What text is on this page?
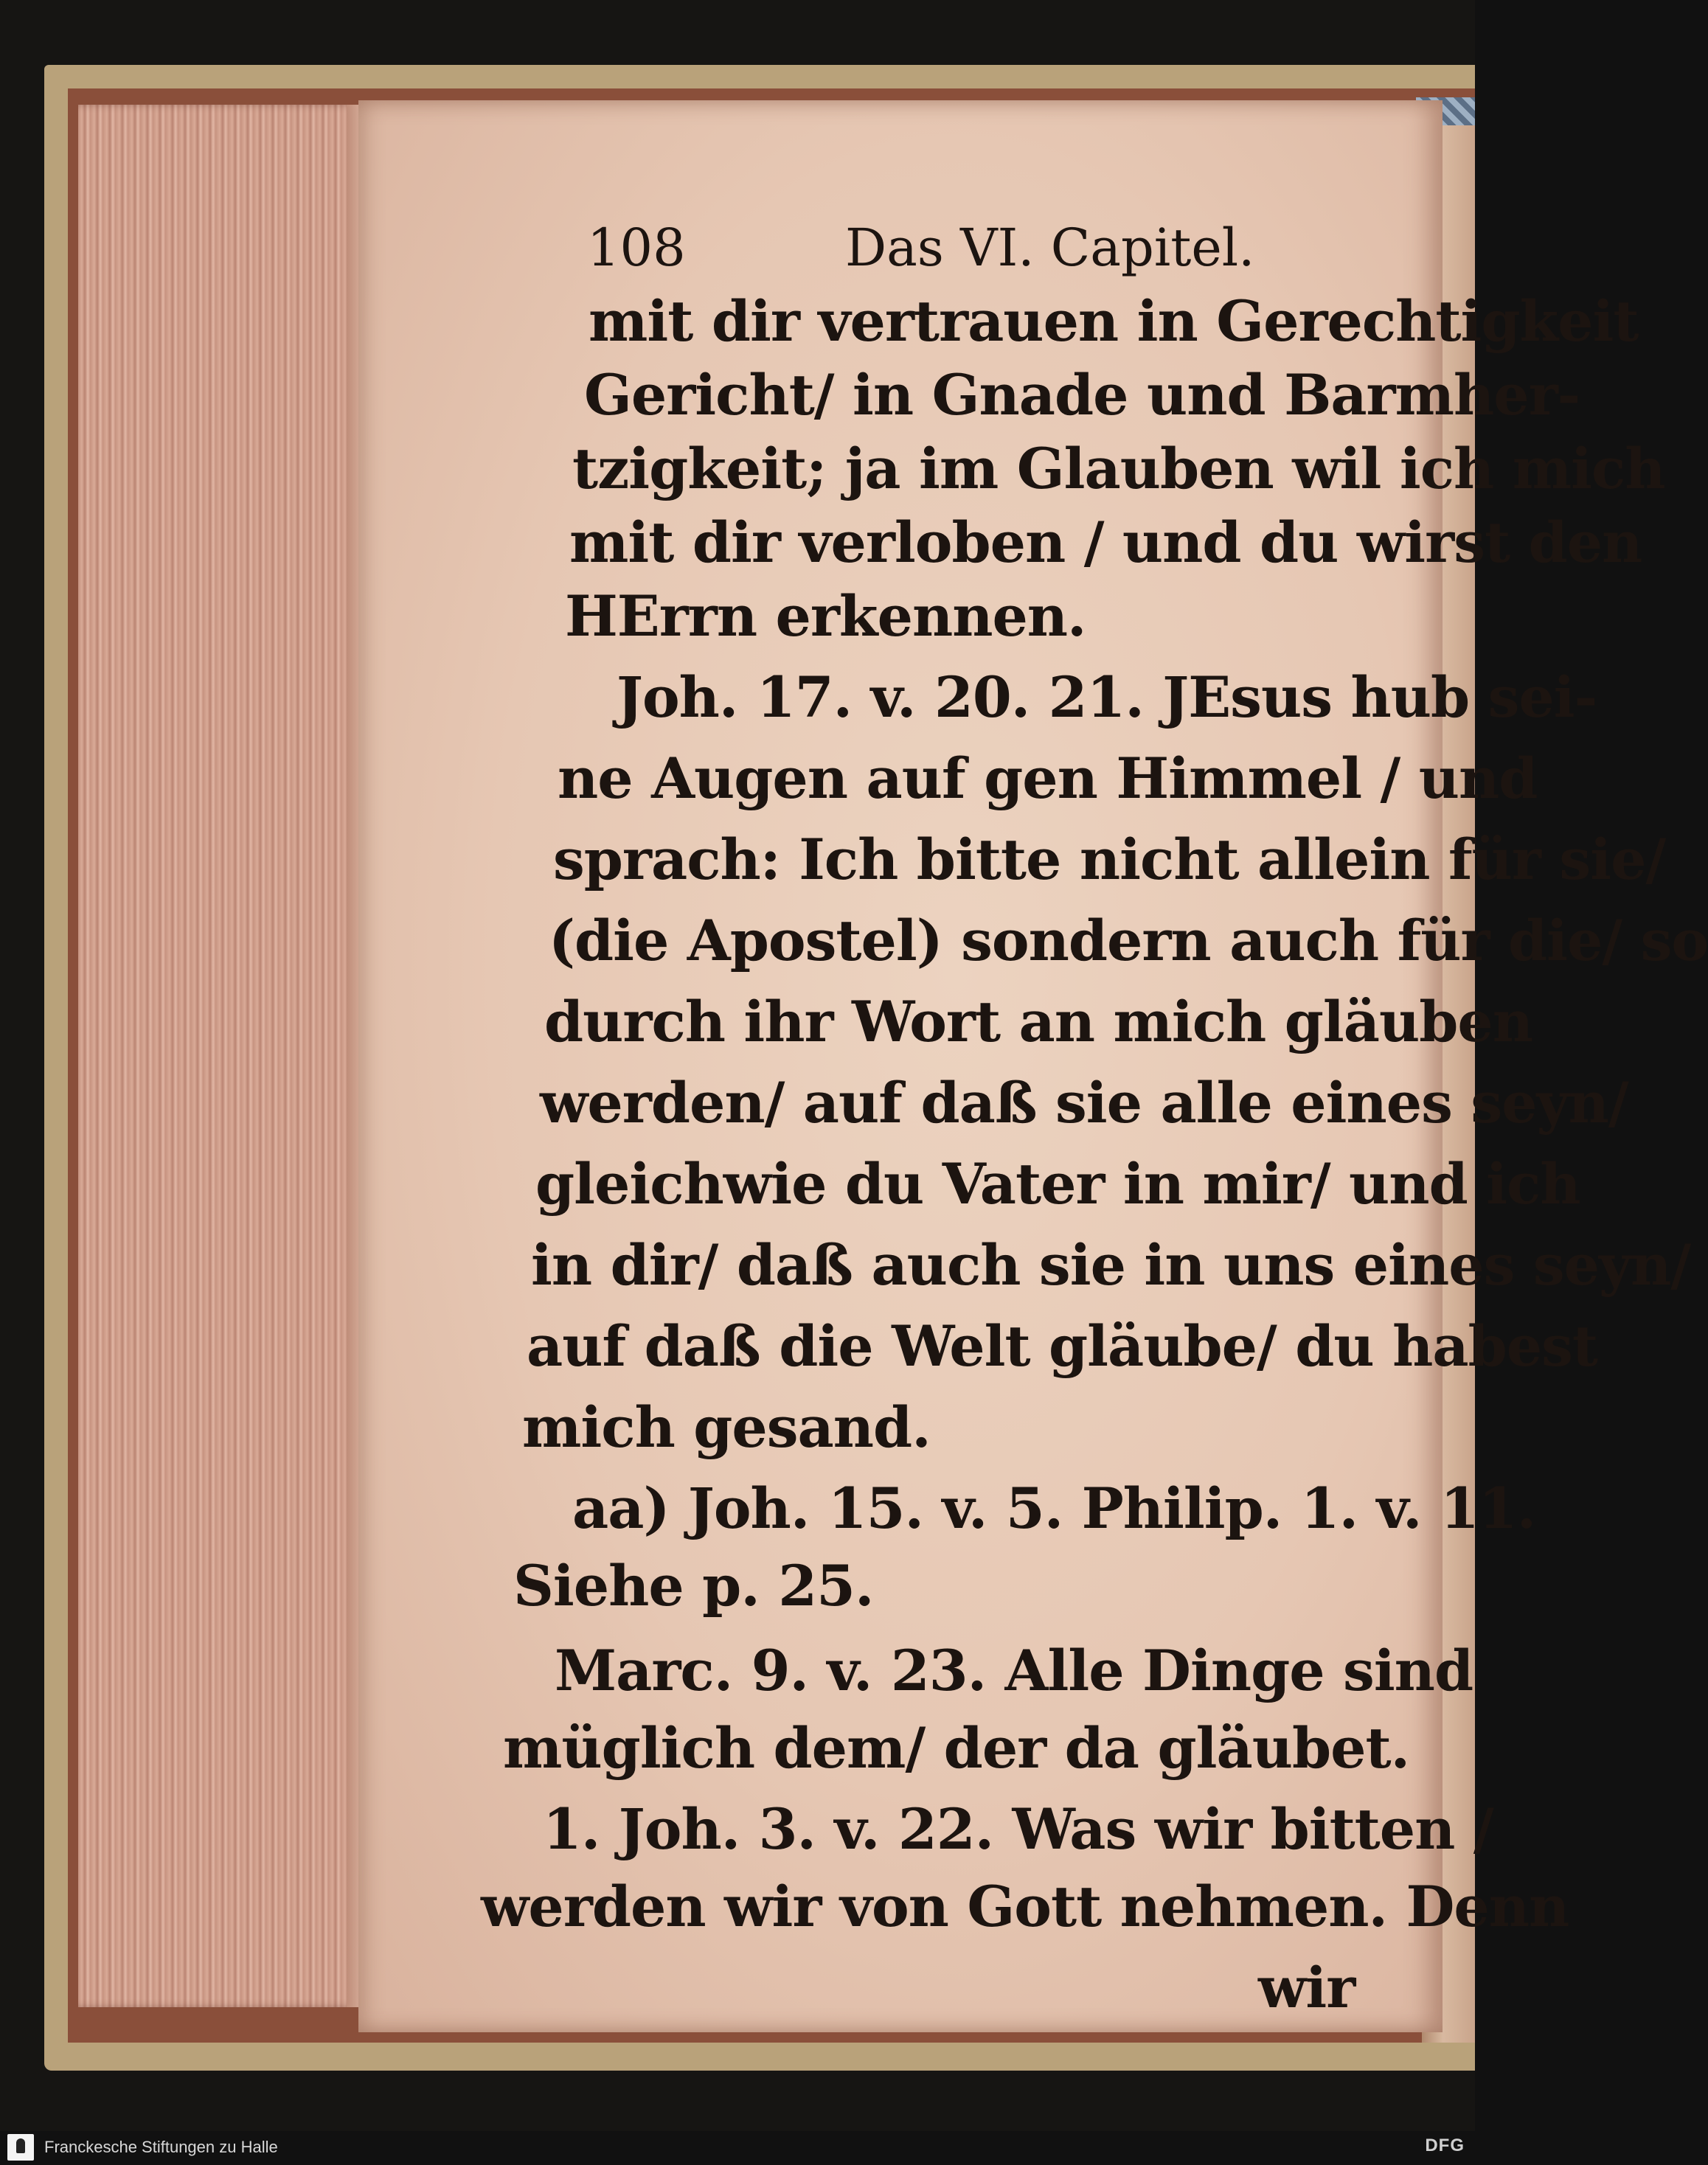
108	Das VI. Capitel.
mit dir vertrauen in Gerechtigkeit
Gericht/ in Gnade und Barmher-
tzigkeit; ja im Glauben wil ich mich
mit dir verloben / und du wirst den
HErrn erkennen.
Joh. 17. v. 20. 21. JEsus hub sei-
ne Augen auf gen Himmel / und
sprach: Ich bitte nicht allein für sie/
(die Apostel) sondern auch für die/ so
durch ihr Wort an mich gläuben
werden/ auf daß sie alle eines seyn/
gleichwie du Vater in mir/ und ich
in dir/ daß auch sie in uns eines seyn/
auf daß die Welt gläube/ du habest
mich gesand.
aa) Joh. 15. v. 5. Philip. 1. v. 11.
Siehe p. 25.
Marc. 9. v. 23. Alle Dinge sind
müglich dem/ der da gläubet.
1. Joh. 3. v. 22. Was wir bitten /
werden wir von Gott nehmen. Denn
wir
Franckesche Stiftungen zu Halle	DFG
